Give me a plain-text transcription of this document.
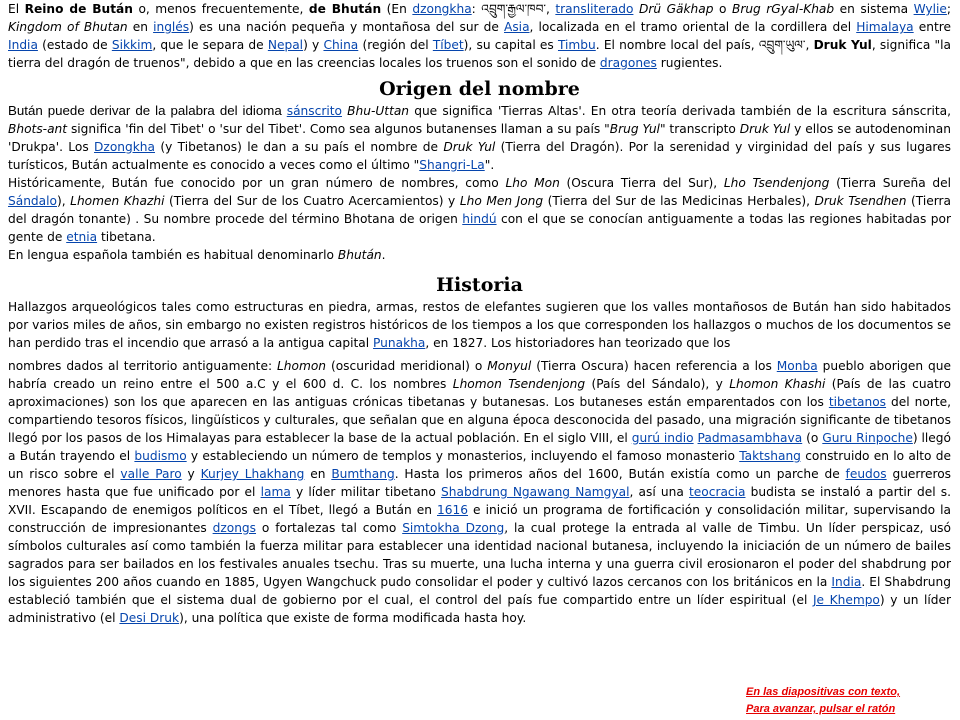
El Reino de Bután o, menos frecuentemente, de Bhután (En dzongkha: འབྲུག་རྒྱལ་ཁབ་, transliterado Drü Gäkhap o Brug rGyal-Khab en sistema Wylie; Kingdom of Bhutan en inglés) es una nación pequeña y montañosa del sur de Asia, localizada en el tramo oriental de la cordillera del Himalaya entre India (estado de Sikkim, que le separa de Nepal) y China (región del Tíbet), su capital es Timbu. El nombre local del país, འབྲུག་ཡུལ་, Druk Yul, significa "la tierra del dragón de truenos", debido a que en las creencias locales los truenos son el sonido de dragones rugientes.

Origen del nombre

Bután puede derivar de la palabra del idioma sánscrito Bhu-Uttan que significa 'Tierras Altas'. En otra teoría derivada también de la escritura sánscrita, Bhots-ant significa 'fin del Tibet' o 'sur del Tibet'. Como sea algunos butanenses llaman a su país "Brug Yul" transcripto Druk Yul y ellos se autodenominan 'Drukpa'. Los Dzongkha (y Tibetanos) le dan a su país el nombre de Druk Yul (Tierra del Dragón). Por la serenidad y virginidad del país y sus lugares turísticos, Bután actualmente es conocido a veces como el último "Shangri-La".

Históricamente, Bután fue conocido por un gran número de nombres, como Lho Mon (Oscura Tierra del Sur), Lho Tsendenjong (Tierra Sureña del Sándalo), Lhomen Khazhi (Tierra del Sur de los Cuatro Acercamientos) y Lho Men Jong (Tierra del Sur de las Medicinas Herbales), Druk Tsendhen (Tierra del dragón tonante) . Su nombre procede del término Bhotana de origen hindú con el que se conocían antiguamente a todas las regiones habitadas por gente de etnia tibetana.

En lengua española también es habitual denominarlo Bhután.

Historia

Hallazgos arqueológicos tales como estructuras en piedra, armas, restos de elefantes sugieren que los valles montañosos de Bután han sido habitados por varios miles de años, sin embargo no existen registros históricos de los tiempos a los que corresponden los hallazgos o muchos de los documentos se han perdido tras el incendio que arrasó a la antigua capital Punakha, en 1827. Los historiadores han teorizado que los

nombres dados al territorio antiguamente: Lhomon (oscuridad meridional) o Monyul (Tierra Oscura) hacen referencia a los Monba pueblo aborigen que habría creado un reino entre el 500 a.C y el 600 d. C. los nombres Lhomon Tsendenjong (País del Sándalo), y Lhomon Khashi (País de las cuatro aproximaciones) son los que aparecen en las antiguas crónicas tibetanas y butanesas. Los butaneses están emparentados con los tibetanos del norte, compartiendo tesoros físicos, lingüísticos y culturales, que señalan que en alguna época desconocida del pasado, una migración significante de tibetanos llegó por los pasos de los Himalayas para establecer la base de la actual población. En el siglo VIII, el gurú indio Padmasambhava (o Guru Rinpoche) llegó a Bután trayendo el budismo y estableciendo un número de templos y monasterios, incluyendo el famoso monasterio Taktshang construido en lo alto de un risco sobre el valle Paro y Kurjey Lhakhang en Bumthang. Hasta los primeros años del 1600, Bután existía como un parche de feudos guerreros menores hasta que fue unificado por el lama y líder militar tibetano Shabdrung Ngawang Namgyal, así una teocracia budista se instaló a partir del s. XVII. Escapando de enemigos políticos en el Tíbet, llegó a Bután en 1616 e inició un programa de fortificación y consolidación militar, supervisando la construcción de impresionantes dzongs o fortalezas tal como Simtokha Dzong, la cual protege la entrada al valle de Timbu. Un líder perspicaz, usó símbolos culturales así como también la fuerza militar para establecer una identidad nacional butanesa, incluyendo la iniciación de un número de bailes sagrados para ser bailados en los festivales anuales tsechu. Tras su muerte, una lucha interna y una guerra civil erosionaron el poder del shabdrung por los siguientes 200 años cuando en 1885, Ugyen Wangchuck pudo consolidar el poder y cultivó lazos cercanos con los británicos en la India. El Shabdrung estableció también que el sistema dual de gobierno por el cual, el control del país fue compartido entre un líder espiritual (el Je Khempo) y un líder administrativo (el Desi Druk), una política que existe de forma modificada hasta hoy.

En las diapositivas con texto,
Para avanzar, pulsar el ratón
